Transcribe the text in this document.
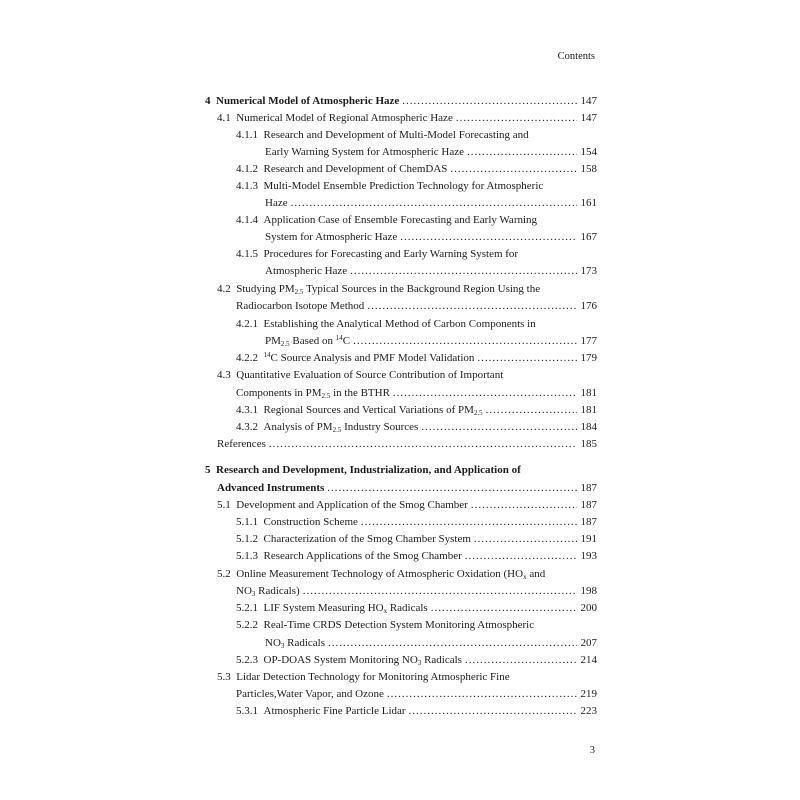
Contents
4 Numerical Model of Atmospheric Haze .....	147
4.1 Numerical Model of Regional Atmospheric Haze .....	147
4.1.1 Research and Development of Multi-Model Forecasting and
Early Warning System for Atmospheric Haze .....	154
4.1.2 Research and Development of ChemDAS .....	158
4.1.3 Multi-Model Ensemble Prediction Technology for Atmospheric
Haze .....	161
4.1.4 Application Case of Ensemble Forecasting and Early Warning
System for Atmospheric Haze .....	167
4.1.5 Procedures for Forecasting and Early Warning System for
Atmospheric Haze .....	173
4.2 Studying $PM_{2.5}$ Typical Sources in the Background Region Using the
Radiocarbon Isotope Method .....	176
4.2.1 Establishing the Analytical Method of Carbon Components in
$PM_{2.5}$ Based on $^{14}$C .....	177
4.2.2 $^{14}$C Source Analysis and PMF Model Validation .....	179
4.3 Quantitative Evaluation of Source Contribution of Important
Components in $PM_{2.5}$ in the BTHR .....	181
4.3.1 Regional Sources and Vertical Variations of $PM_{2.5}$ .....	181
4.3.2 Analysis of $PM_{2.5}$ Industry Sources .....	184
References .....	185
5 Research and Development, Industrialization, and Application of
Advanced Instruments .....	187
5.1 Development and Application of the Smog Chamber .....	187
5.1.1 Construction Scheme .....	187
5.1.2 Characterization of the Smog Chamber System .....	191
5.1.3 Research Applications of the Smog Chamber .....	193
5.2 Online Measurement Technology of Atmospheric Oxidation ($HO_x$ and
$NO_3$ Radicals) .....	198
5.2.1 LIF System Measuring $HO_x$ Radicals .....	200
5.2.2 Real-Time CRDS Detection System Monitoring Atmospheric
$NO_3$ Radicals .....	207
5.2.3 OP-DOAS System Monitoring $NO_3$ Radicals .....	214
5.3 Lidar Detection Technology for Monitoring Atmospheric Fine
Particles,Water Vapor, and Ozone .....	219
5.3.1 Atmospheric Fine Particle Lidar .....	223
3
